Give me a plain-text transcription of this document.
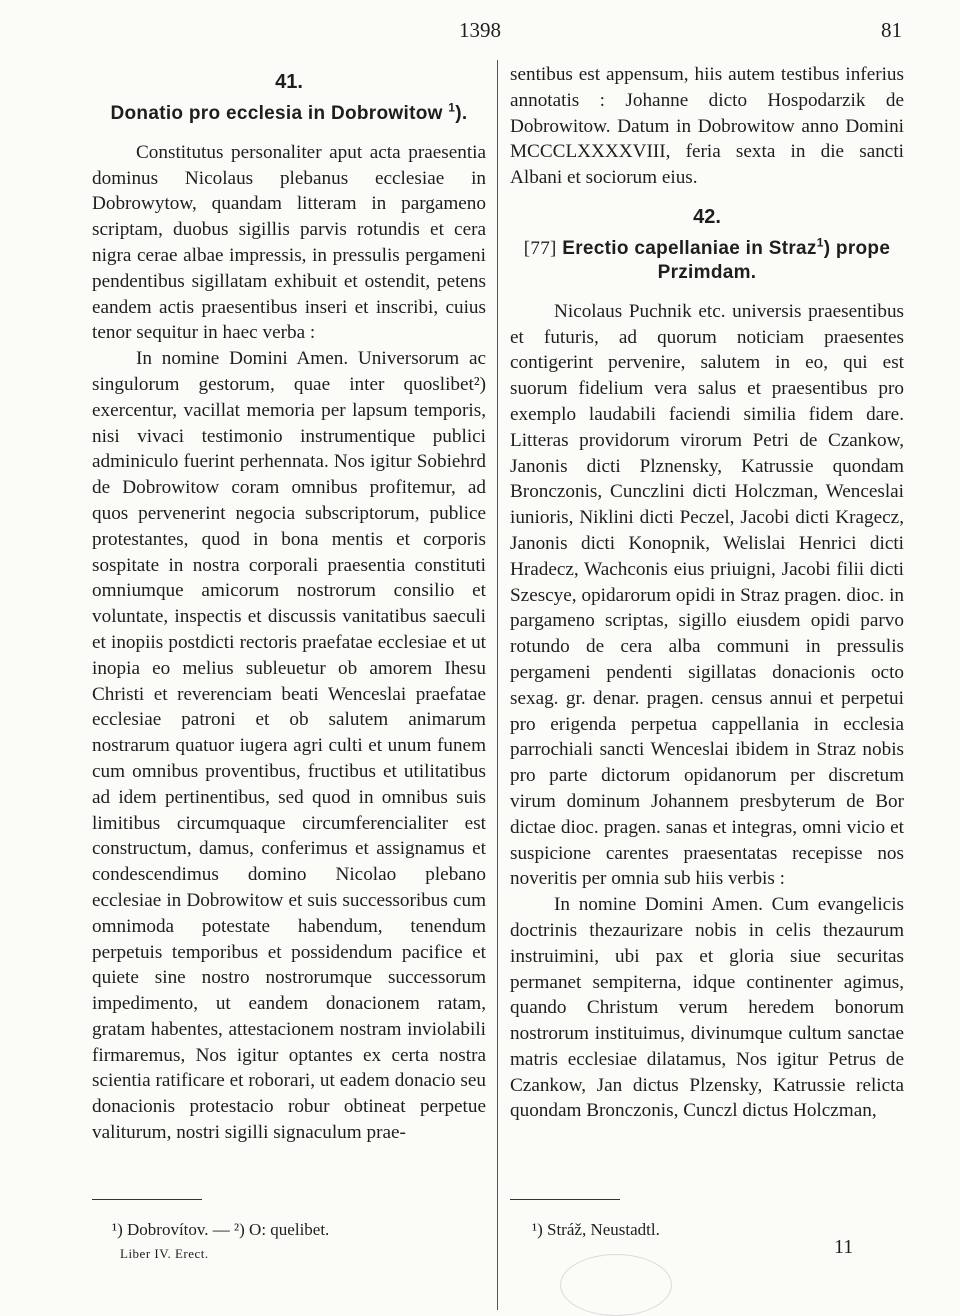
1398	81
41.
Donatio pro ecclesia in Dobrowitow $^1$).

Constitutus personaliter aput acta praesentia dominus Nicolaus plebanus ecclesiae in Dobrowytow, quandam litteram in pargameno scriptam, duobus sigillis parvis rotundis et cera nigra cerae albae impressis, in pressulis pergameni pendentibus sigillatam exhibuit et ostendit, petens eandem actis praesentibus inseri et inscribi, cuius tenor sequitur in haec verba :

In nomine Domini Amen. Universorum ac singulorum gestorum, quae inter quoslibet²) exercentur, vacillat memoria per lapsum temporis, nisi vivaci testimonio instrumentique publici adminiculo fuerint perhennata. Nos igitur Sobiehrd de Dobrowitow coram omnibus profitemur, ad quos pervenerint negocia subscriptorum, publice protestantes, quod in bona mentis et corporis sospitate in nostra corporali praesentia constituti omniumque amicorum nostrorum consilio et voluntate, inspectis et discussis vanitatibus saeculi et inopiis postdicti rectoris praefatae ecclesiae et ut inopia eo melius subleuetur ob amorem Ihesu Christi et reverenciam beati Wenceslai praefatae ecclesiae patroni et ob salutem animarum nostrarum quatuor iugera agri culti et unum funem cum omnibus proventibus, fructibus et utilitatibus ad idem pertinentibus, sed quod in omnibus suis limitibus circumquaque circumferencialiter est constructum, damus, conferimus et assignamus et condescendimus domino Nicolao plebano ecclesiae in Dobrowitow et suis successoribus cum omnimoda potestate habendum, tenendum perpetuis temporibus et possidendum pacifice et quiete sine nostro nostrorumque successorum impedimento, ut eandem donacionem ratam, gratam habentes, attestacionem nostram inviolabili firmaremus, Nos igitur optantes ex certa nostra scientia ratificare et roborari, ut eadem donacio seu donacionis protestacio robur obtineat perpetue valiturum, nostri sigilli signaculum prae-

sentibus est appensum, hiis autem testibus inferius annotatis : Johanne dicto Hospodarzik de Dobrowitow. Datum in Dobrowitow anno Domini MCCCLXXXXVIII, feria sexta in die sancti Albani et sociorum eius.

42.
[77] Erectio capellaniae in Straz$^1$) prope Przimdam.

Nicolaus Puchnik etc. universis praesentibus et futuris, ad quorum noticiam praesentes contigerint pervenire, salutem in eo, qui est suorum fidelium vera salus et praesentibus pro exemplo laudabili faciendi similia fidem dare. Litteras providorum virorum Petri de Czankow, Janonis dicti Plznensky, Katrussie quondam Bronczonis, Cunczlini dicti Holczman, Wenceslai iunioris, Niklini dicti Peczel, Jacobi dicti Kragecz, Janonis dicti Konopnik, Welislai Henrici dicti Hradecz, Wachconis eius priuigni, Jacobi filii dicti Szescye, opidarorum opidi in Straz pragen. dioc. in pargameno scriptas, sigillo eiusdem opidi parvo rotundo de cera alba communi in pressulis pergameni pendenti sigillatas donacionis octo sexag. gr. denar. pragen. census annui et perpetui pro erigenda perpetua cappellania in ecclesia parrochiali sancti Wenceslai ibidem in Straz nobis pro parte dictorum opidanorum per discretum virum dominum Johannem presbyterum de Bor dictae dioc. pragen. sanas et integras, omni vicio et suspicione carentes praesentatas recepisse nos noveritis per omnia sub hiis verbis :

In nomine Domini Amen. Cum evangelicis doctrinis thezaurizare nobis in celis thezaurum instruimini, ubi pax et gloria siue securitas permanet sempiterna, idque continenter agimus, quando Christum verum heredem bonorum nostrorum instituimus, divinumque cultum sanctae matris ecclesiae dilatamus, Nos igitur Petrus de Czankow, Jan dictus Plzensky, Katrussie relicta quondam Bronczonis, Cunczl dictus Holczman,

¹) Dobrovítov. — ²) O: quelibet.	¹) Stráž, Neustadtl.
Liber IV. Erect.	11
